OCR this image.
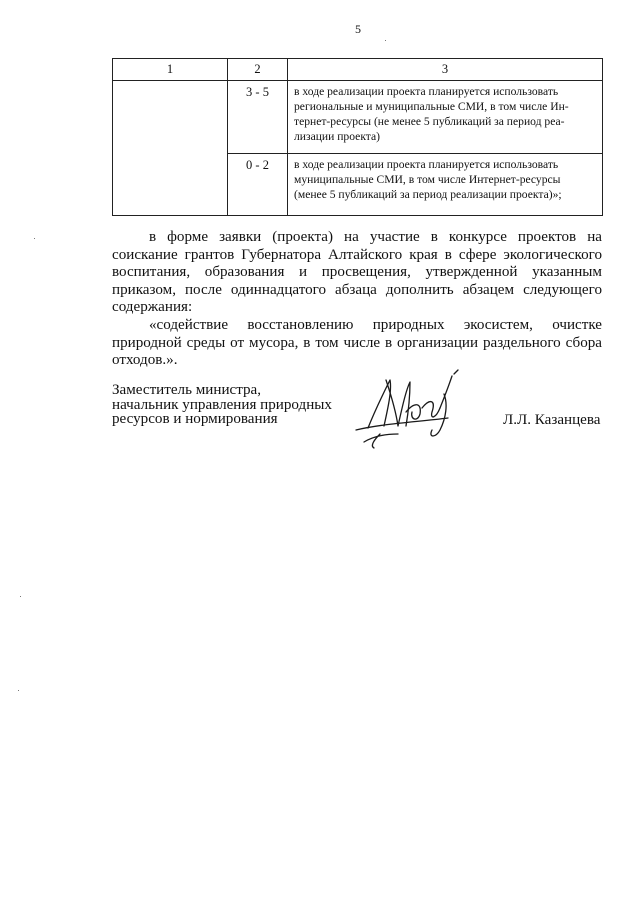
5
1	2	3
	3 - 5	в ходе реализации проекта планируется использовать
региональные и муниципальные СМИ, в том числе Ин-
тернет-ресурсы (не менее 5 публикаций за период реа-
лизации проекта)

	0 - 2	в ходе реализации проекта планируется использовать
муниципальные СМИ, в том числе Интернет-ресурсы
(менее 5 публикаций за период реализации проекта)»;

в форме заявки (проекта) на участие в конкурсе проектов на соискание грантов Губернатора Алтайского края в сфере экологического воспитания, образования и просвещения, утвержденной указанным приказом, после одиннадцатого абзаца дополнить абзацем следующего содержания:

«содействие восстановлению природных экосистем, очистке природной среды от мусора, в том числе в организации раздельного сбора отходов.».

Заместитель министра,
начальник управления природных
ресурсов и нормирования	Л.Л. Казанцева
